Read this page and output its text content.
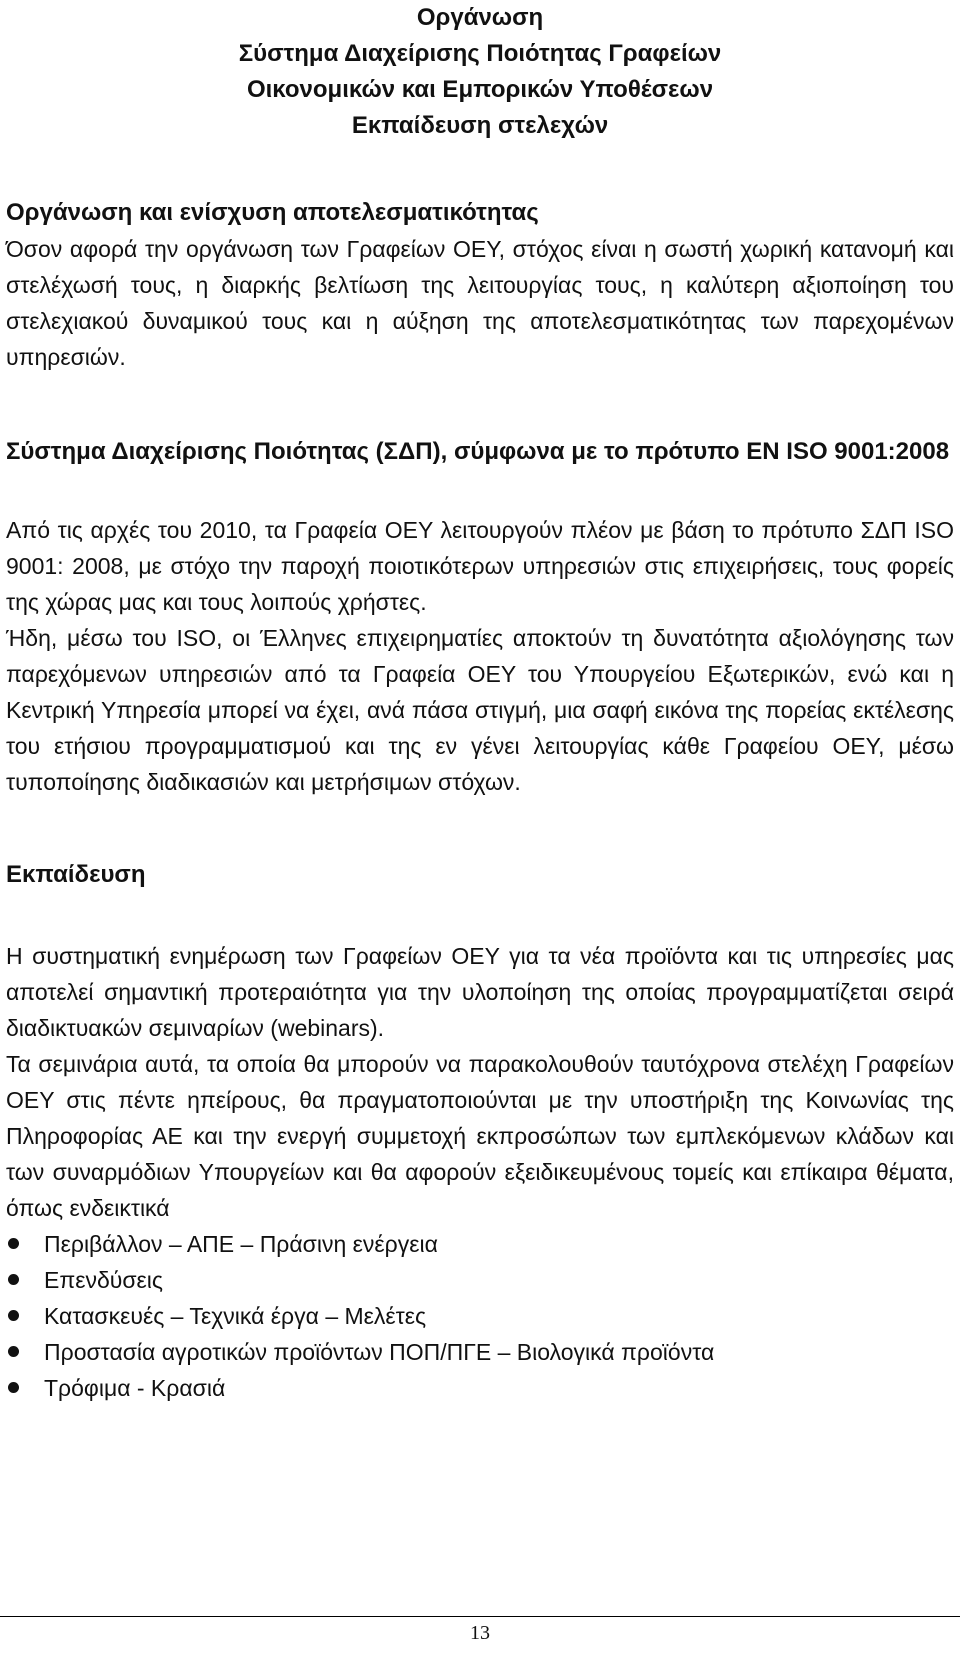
Οργάνωση
Σύστημα Διαχείρισης Ποιότητας Γραφείων
Οικονομικών και Εμπορικών Υποθέσεων
Εκπαίδευση στελεχών
Οργάνωση και ενίσχυση αποτελεσματικότητας

Όσον αφορά την οργάνωση των Γραφείων ΟΕΥ, στόχος είναι η σωστή χωρική κατανομή και στελέχωσή τους, η διαρκής βελτίωση της λειτουργίας τους, η καλύτερη αξιοποίηση του στελεχιακού δυναμικού τους και η αύξηση της αποτελεσματικότητας των παρεχομένων υπηρεσιών.

Σύστημα Διαχείρισης Ποιότητας (ΣΔΠ), σύμφωνα με το πρότυπο ΕΝ ISO 9001:2008

Από τις αρχές του 2010, τα Γραφεία ΟΕΥ λειτουργούν πλέον με βάση το πρότυπο ΣΔΠ ISO 9001: 2008, με στόχο την παροχή ποιοτικότερων υπηρεσιών στις επιχειρήσεις, τους φορείς της χώρας μας και τους λοιπούς χρήστες.

Ήδη, μέσω του ISO, οι Έλληνες επιχειρηματίες αποκτούν τη δυνατότητα αξιολόγησης των παρεχόμενων υπηρεσιών από τα Γραφεία ΟΕΥ του Υπουργείου Εξωτερικών, ενώ και η Κεντρική Υπηρεσία μπορεί να έχει, ανά πάσα στιγμή, μια σαφή εικόνα της πορείας εκτέλεσης του ετήσιου προγραμματισμού και της εν γένει λειτουργίας κάθε Γραφείου ΟΕΥ, μέσω τυποποίησης διαδικασιών και μετρήσιμων στόχων.

Εκπαίδευση

Η συστηματική ενημέρωση των Γραφείων ΟΕΥ για τα νέα προϊόντα και τις υπηρεσίες μας αποτελεί σημαντική προτεραιότητα για την υλοποίηση της οποίας προγραμματίζεται σειρά διαδικτυακών σεμιναρίων (webinars).

Τα σεμινάρια αυτά, τα οποία θα μπορούν να παρακολουθούν ταυτόχρονα στελέχη Γραφείων ΟΕΥ στις πέντε ηπείρους, θα πραγματοποιούνται με την υποστήριξη της Κοινωνίας της Πληροφορίας ΑΕ και την ενεργή συμμετοχή εκπροσώπων των εμπλεκόμενων κλάδων και των συναρμόδιων Υπουργείων και θα αφορούν εξειδικευμένους τομείς και επίκαιρα θέματα, όπως ενδεικτικά

Περιβάλλον – ΑΠΕ – Πράσινη ενέργεια
Επενδύσεις
Κατασκευές – Τεχνικά έργα – Μελέτες
Προστασία αγροτικών προϊόντων ΠΟΠ/ΠΓΕ – Βιολογικά προϊόντα
Τρόφιμα - Κρασιά
13
